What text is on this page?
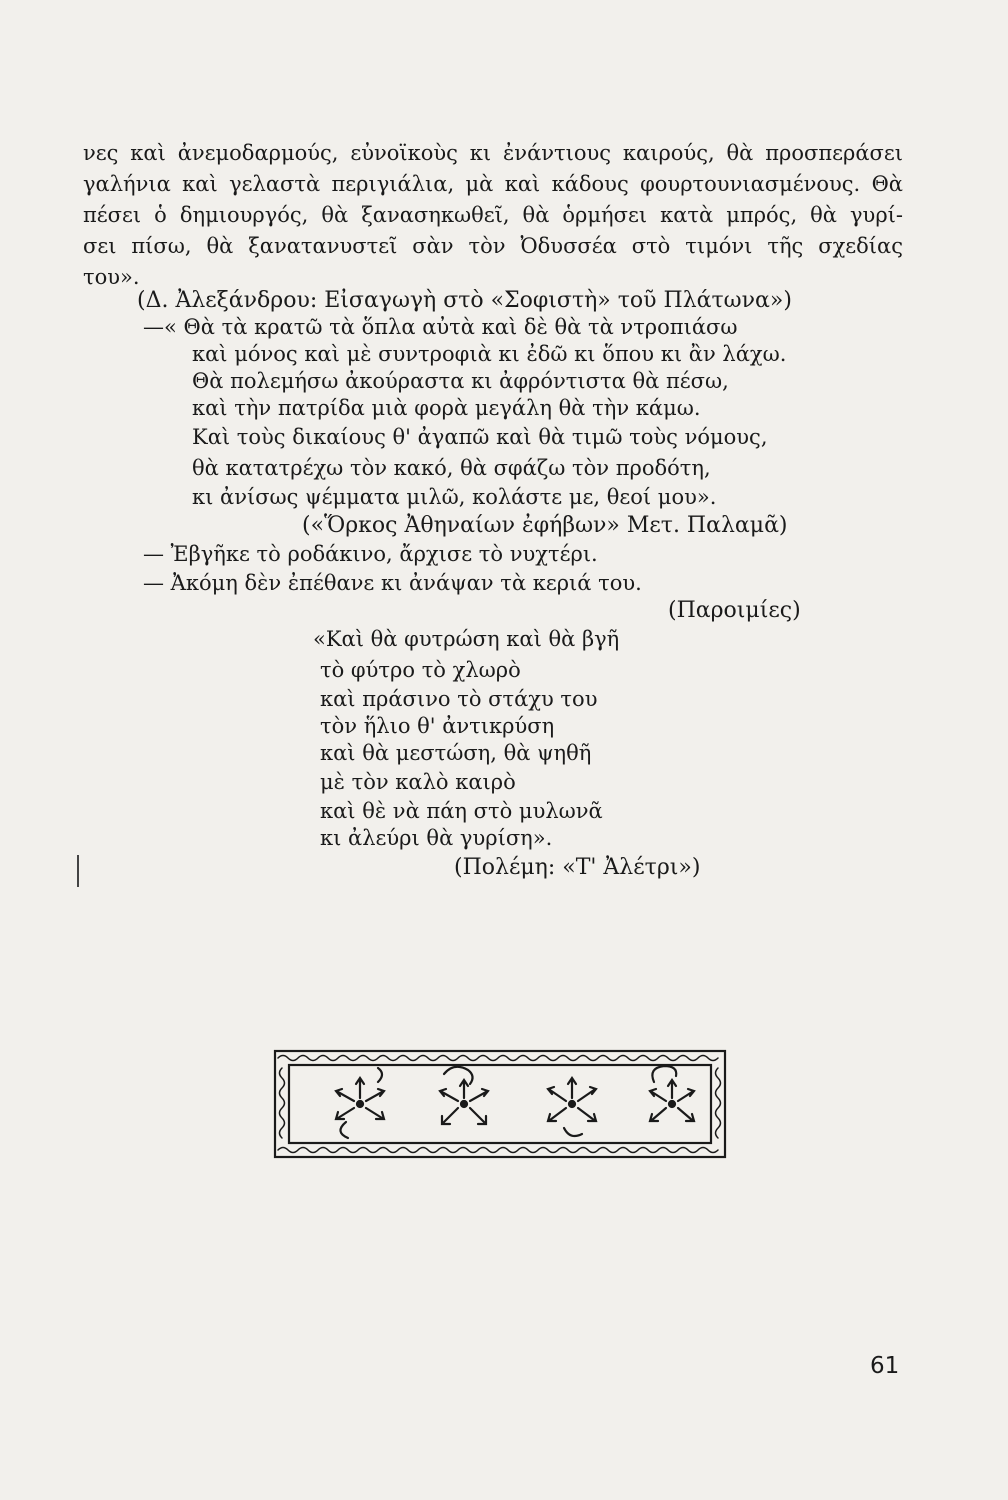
νες καὶ ἀνεμοδαρμούς, εὐνοϊκοὺς κι ἐνάντιους καιρούς, θὰ προσπεράσει
γαλήνια καὶ γελαστὰ περιγιάλια, μὰ καὶ κάδους φουρτουνιασμένους. Θὰ
πέσει ὁ δημιουργός, θὰ ξανασηκωθεῖ, θὰ ὁρμήσει κατὰ μπρός, θὰ γυρί-
σει πίσω, θὰ ξανατανυστεῖ σὰν τὸν Ὀδυσσέα στὸ τιμόνι τῆς σχεδίας
του».
(Δ. Ἀλεξάνδρου: Εἰσαγωγὴ στὸ «Σοφιστὴ» τοῦ Πλάτωνα»)
—« Θὰ τὰ κρατῶ τὰ ὅπλα αὐτὰ καὶ δὲ θὰ τὰ ντροπιάσω
καὶ μόνος καὶ μὲ συντροφιὰ κι ἐδῶ κι ὅπου κι ἂν λάχω.
Θὰ πολεμήσω ἀκούραστα κι ἀφρόντιστα θὰ πέσω,
καὶ τὴν πατρίδα μιὰ φορὰ μεγάλη θὰ τὴν κάμω.
Καὶ τοὺς δικαίους θ' ἀγαπῶ καὶ θὰ τιμῶ τοὺς νόμους,
θὰ κατατρέχω τὸν κακό, θὰ σφάζω τὸν προδότη,
κι ἀνίσως ψέμματα μιλῶ, κολάστε με, θεοί μου».
(«Ὅρκος Ἀθηναίων ἐφήβων» Μετ. Παλαμᾶ)
— Ἐβγῆκε τὸ ροδάκινο, ἄρχισε τὸ νυχτέρι.
— Ἀκόμη δὲν ἐπέθανε κι ἀνάψαν τὰ κεριά του.
(Παροιμίες)
«Καὶ θὰ φυτρώση καὶ θὰ βγῆ
τὸ φύτρο τὸ χλωρὸ
καὶ πράσινο τὸ στάχυ του
τὸν ἥλιο θ' ἀντικρύση
καὶ θὰ μεστώση, θὰ ψηθῆ
μὲ τὸν καλὸ καιρὸ
καὶ θὲ νὰ πάη στὸ μυλωνᾶ
κι ἀλεύρι θὰ γυρίση».
(Πολέμη: «Τ' Ἀλέτρι»)
61
